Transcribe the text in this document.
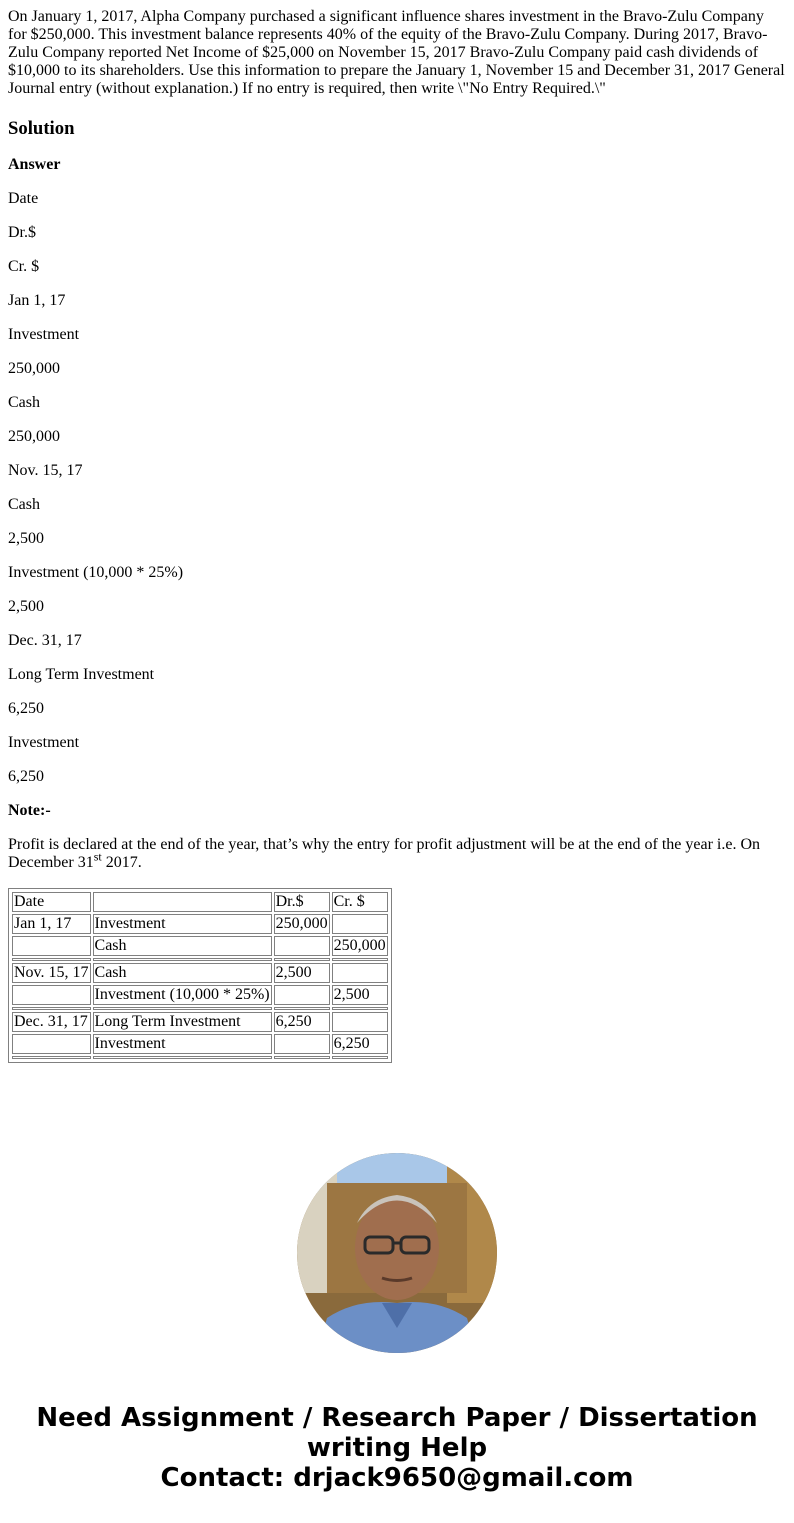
On January 1, 2017, Alpha Company purchased a significant influence shares investment in the Bravo-Zulu Company for $250,000. This investment balance represents 40% of the equity of the Bravo-Zulu Company. During 2017, Bravo-Zulu Company reported Net Income of $25,000 on November 15, 2017 Bravo-Zulu Company paid cash dividends of $10,000 to its shareholders. Use this information to prepare the January 1, November 15 and December 31, 2017 General Journal entry (without explanation.) If no entry is required, then write \"No Entry Required.\"
Solution

Answer

Date

Dr.$

Cr. $

Jan 1, 17

Investment

250,000

Cash

250,000

Nov. 15, 17

Cash

2,500

Investment (10,000 * 25%)

2,500

Dec. 31, 17

Long Term Investment

6,250

Investment

6,250

Note:-

Profit is declared at the end of the year, that’s why the entry for profit adjustment will be at the end of the year i.e. On December 31st 2017.

Date		Dr.$	Cr. $
Jan 1, 17	Investment	250,000	
	Cash		250,000

Nov. 15, 17	Cash	2,500	
	Investment (10,000 * 25%)		2,500

Dec. 31, 17	Long Term Investment	6,250	
	Investment		6,250

Need Assignment / Research Paper / Dissertation
writing Help
Contact: drjack9650@gmail.com
